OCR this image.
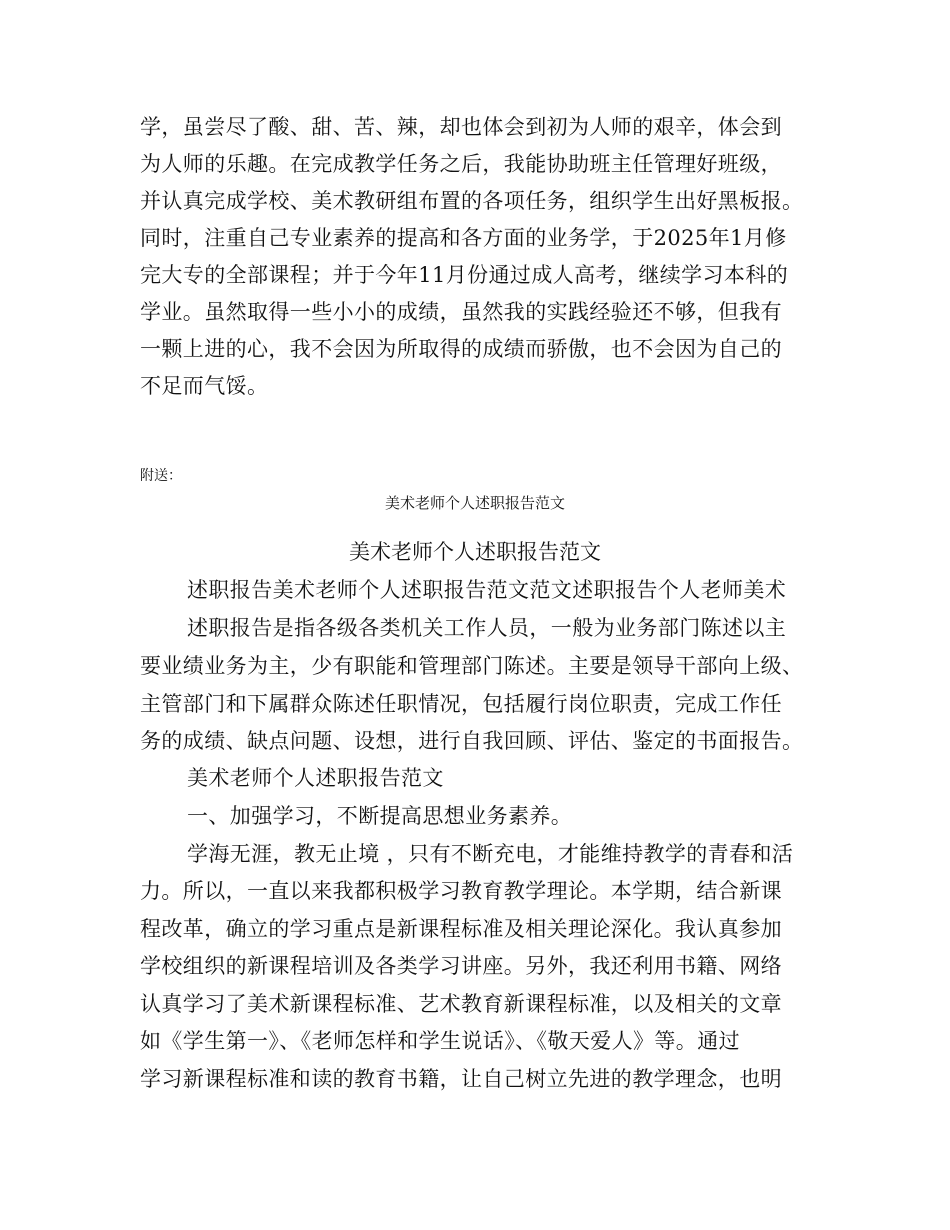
学，虽尝尽了酸、甜、苦、辣，却也体会到初为人师的艰辛，体会到

为人师的乐趣。在完成教学任务之后，我能协助班主任管理好班级，

并认真完成学校、美术教研组布置的各项任务，组织学生出好黑板报。

同时，注重自己专业素养的提高和各方面的业务学，于2025年1月修

完大专的全部课程；并于今年11月份通过成人高考，继续学习本科的

学业。虽然取得一些小小的成绩，虽然我的实践经验还不够，但我有

一颗上进的心，我不会因为所取得的成绩而骄傲，也不会因为自己的

不足而气馁。

附送：

美术老师个人述职报告范文

美术老师个人述职报告范文

述职报告美术老师个人述职报告范文范文述职报告个人老师美术

述职报告是指各级各类机关工作人员，一般为业务部门陈述以主

要业绩业务为主，少有职能和管理部门陈述。主要是领导干部向上级、

主管部门和下属群众陈述任职情况，包括履行岗位职责，完成工作任

务的成绩、缺点问题、设想，进行自我回顾、评估、鉴定的书面报告。

美术老师个人述职报告范文

一、加强学习，不断提高思想业务素养。

学海无涯，教无止境 ，只有不断充电，才能维持教学的青春和活

力。所以，一直以来我都积极学习教育教学理论。本学期，结合新课

程改革，确立的学习重点是新课程标准及相关理论深化。我认真参加

学校组织的新课程培训及各类学习讲座。另外，我还利用书籍、网络

认真学习了美术新课程标准、艺术教育新课程标准，以及相关的文章

如《学生第一》、《老师怎样和学生说话》、《敬天爱人》等。通过

学习新课程标准和读的教育书籍，让自己树立先进的教学理念，也明
